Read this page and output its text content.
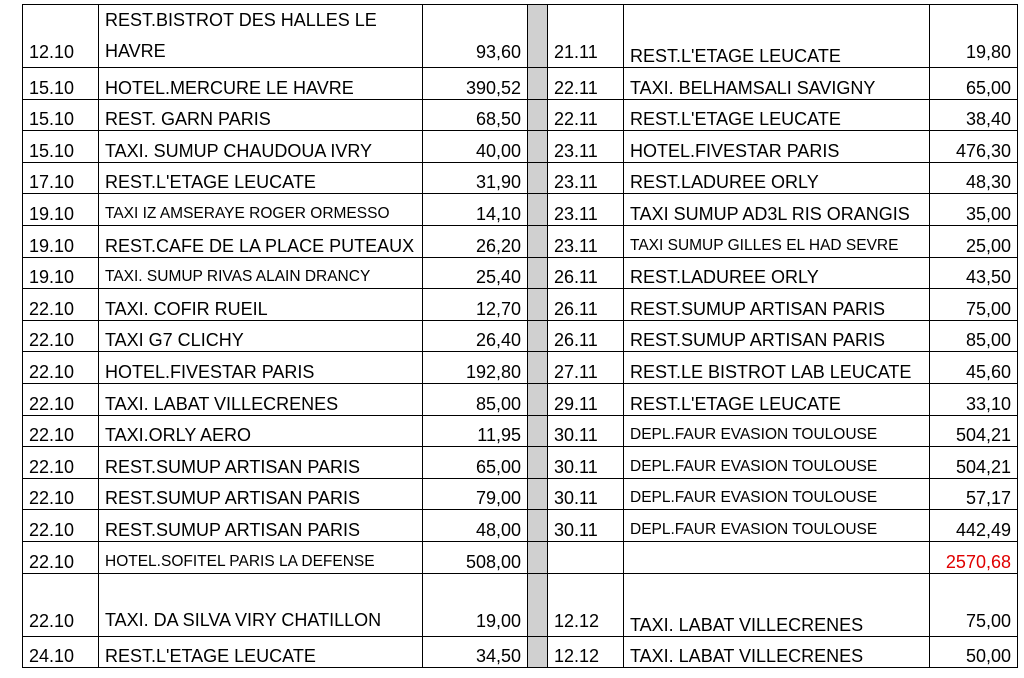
12.10	REST.BISTROT DES HALLES LE HAVRE	93,60		21.11	REST.L'ETAGE LEUCATE	19,80
15.10	HOTEL.MERCURE LE HAVRE	390,52		22.11	TAXI. BELHAMSALI SAVIGNY	65,00
15.10	REST. GARN PARIS	68,50		22.11	REST.L'ETAGE LEUCATE	38,40
15.10	TAXI. SUMUP CHAUDOUA IVRY	40,00		23.11	HOTEL.FIVESTAR PARIS	476,30
17.10	REST.L'ETAGE LEUCATE	31,90		23.11	REST.LADUREE ORLY	48,30
19.10	TAXI IZ AMSERAYE ROGER ORMESSO	14,10		23.11	TAXI SUMUP AD3L RIS ORANGIS	35,00
19.10	REST.CAFE DE LA PLACE PUTEAUX	26,20		23.11	TAXI SUMUP GILLES EL HAD SEVRE	25,00
19.10	TAXI. SUMUP RIVAS ALAIN DRANCY	25,40		26.11	REST.LADUREE ORLY	43,50
22.10	TAXI. COFIR RUEIL	12,70		26.11	REST.SUMUP ARTISAN PARIS	75,00
22.10	TAXI G7 CLICHY	26,40		26.11	REST.SUMUP ARTISAN PARIS	85,00
22.10	HOTEL.FIVESTAR PARIS	192,80		27.11	REST.LE BISTROT LAB LEUCATE	45,60
22.10	TAXI. LABAT VILLECRENES	85,00		29.11	REST.L'ETAGE LEUCATE	33,10
22.10	TAXI.ORLY AERO	11,95		30.11	DEPL.FAUR EVASION TOULOUSE	504,21
22.10	REST.SUMUP ARTISAN PARIS	65,00		30.11	DEPL.FAUR EVASION TOULOUSE	504,21
22.10	REST.SUMUP ARTISAN PARIS	79,00		30.11	DEPL.FAUR EVASION TOULOUSE	57,17
22.10	REST.SUMUP ARTISAN PARIS	48,00		30.11	DEPL.FAUR EVASION TOULOUSE	442,49
22.10	HOTEL.SOFITEL PARIS LA DEFENSE	508,00				2570,68
22.10	TAXI. DA SILVA VIRY CHATILLON	19,00		12.12	TAXI. LABAT VILLECRENES	75,00
24.10	REST.L'ETAGE LEUCATE	34,50		12.12	TAXI. LABAT VILLECRENES	50,00
